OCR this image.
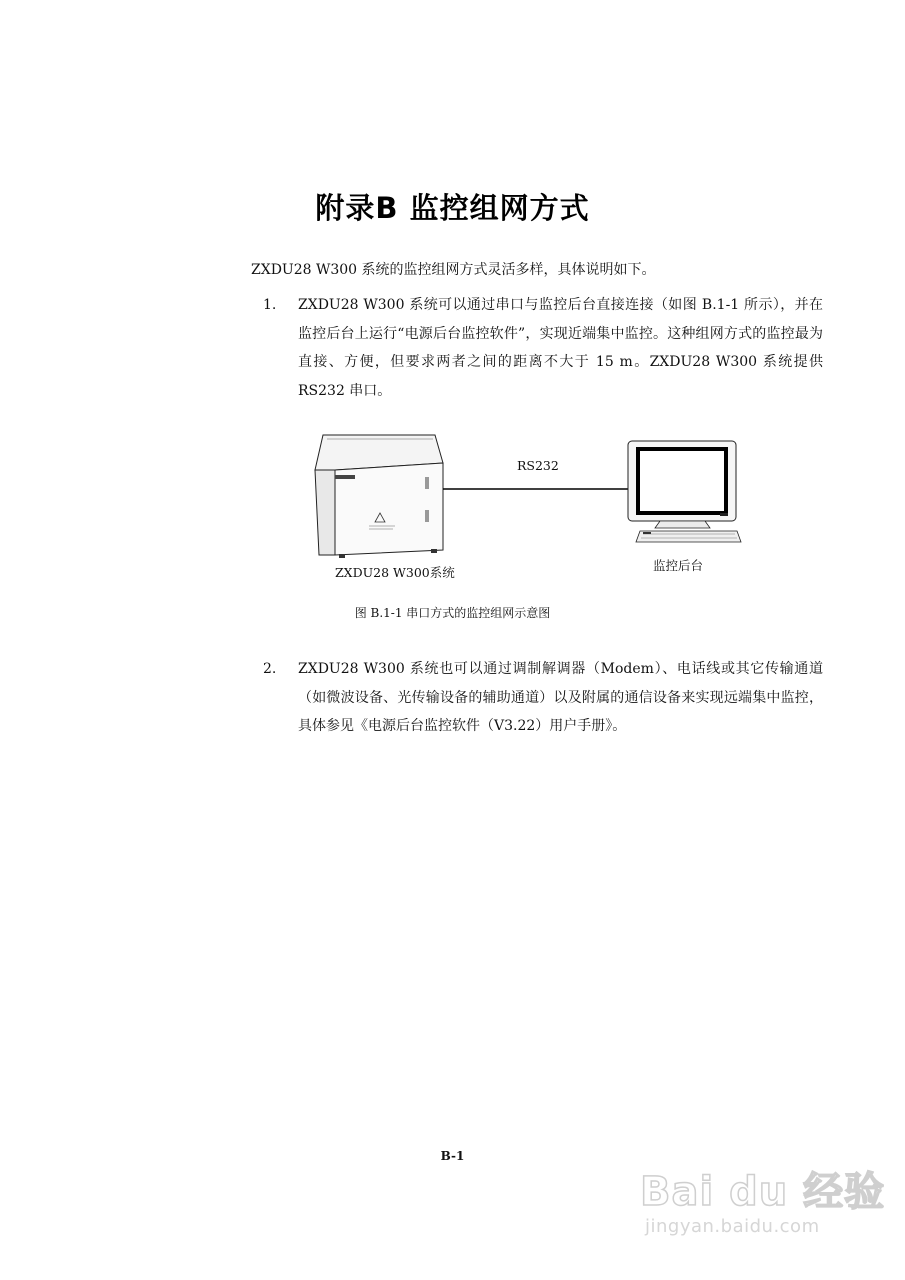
附录B 监控组网方式
ZXDU28 W300 系统的监控组网方式灵活多样，具体说明如下。
1. ZXDU28 W300 系统可以通过串口与监控后台直接连接（如图 B.1-1 所示），并在监控后台上运行“电源后台监控软件”，实现近端集中监控。这种组网方式的监控最为直接、方便，但要求两者之间的距离不大于 15 m。ZXDU28 W300 系统提供 RS232 串口。
RS232
ZXDU28 W300系统	监控后台
图 B.1-1 串口方式的监控组网示意图
2. ZXDU28 W300 系统也可以通过调制解调器（Modem）、电话线或其它传输通道（如微波设备、光传输设备的辅助通道）以及附属的通信设备来实现远端集中监控，具体参见《电源后台监控软件（V3.22）用户手册》。
B-1
Bai du 经验
jingyan.baidu.com
